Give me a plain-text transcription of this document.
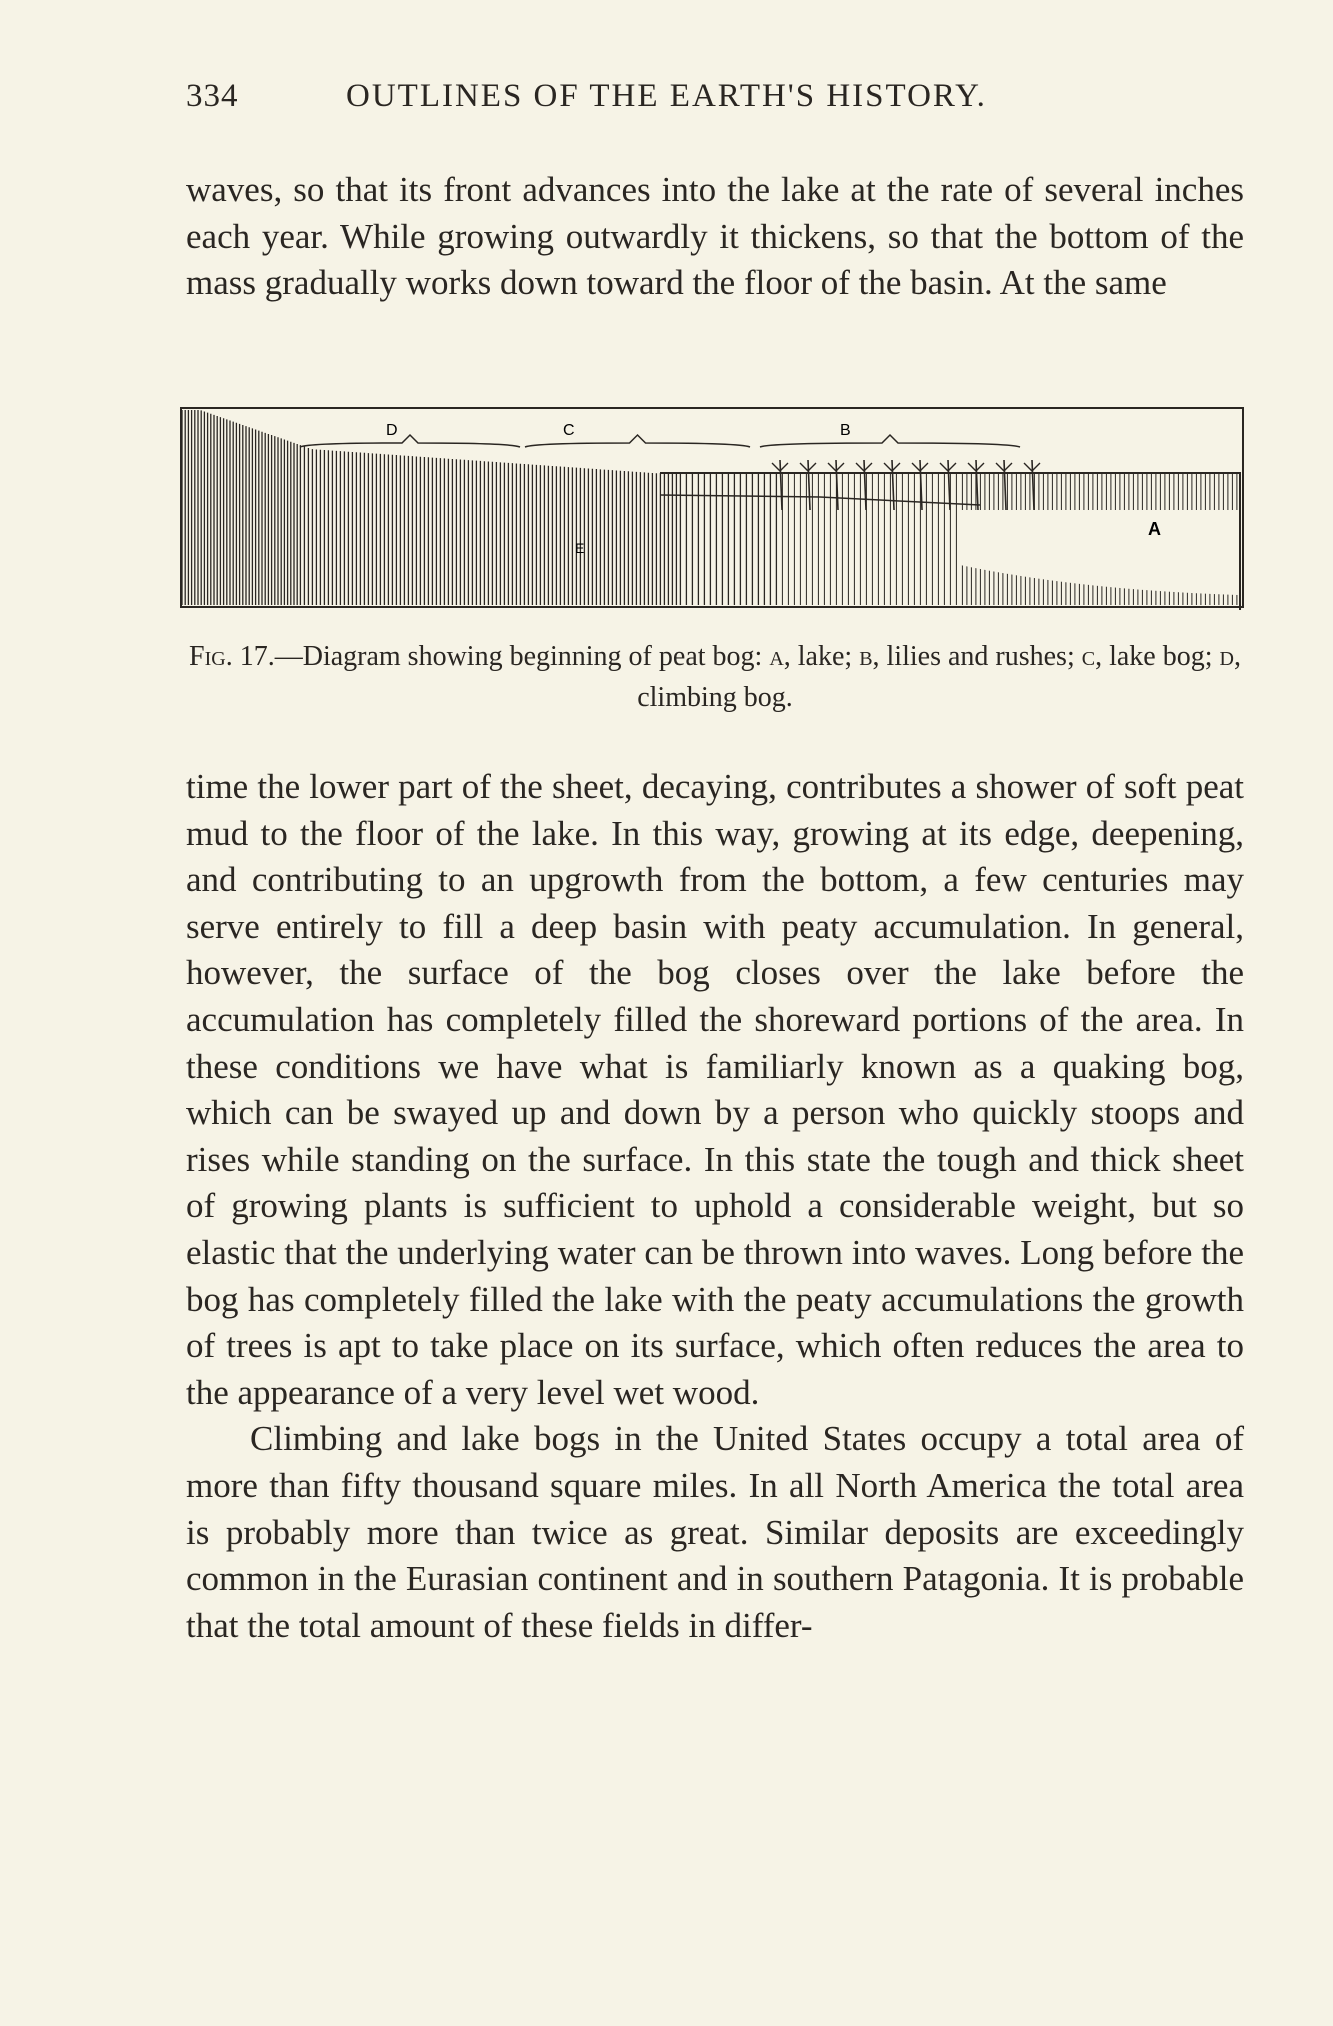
334	OUTLINES OF THE EARTH'S HISTORY.

waves, so that its front advances into the lake at the rate of several inches each year. While growing outwardly it thickens, so that the bottom of the mass gradually works down toward the floor of the basin. At the same

D	C	B
A
E
Fig. 17.—Diagram showing beginning of peat bog: a, lake; b, lilies and rushes; c, lake bog; d, climbing bog.

time the lower part of the sheet, decaying, contributes a shower of soft peat mud to the floor of the lake. In this way, growing at its edge, deepening, and contributing to an upgrowth from the bottom, a few centuries may serve entirely to fill a deep basin with peaty accumulation. In general, however, the surface of the bog closes over the lake before the accumulation has completely filled the shoreward portions of the area. In these conditions we have what is familiarly known as a quaking bog, which can be swayed up and down by a person who quickly stoops and rises while standing on the surface. In this state the tough and thick sheet of growing plants is sufficient to uphold a considerable weight, but so elastic that the underlying water can be thrown into waves. Long before the bog has completely filled the lake with the peaty accumulations the growth of trees is apt to take place on its surface, which often reduces the area to the appearance of a very level wet wood.

Climbing and lake bogs in the United States occupy a total area of more than fifty thousand square miles. In all North America the total area is probably more than twice as great. Similar deposits are exceedingly common in the Eurasian continent and in southern Patagonia. It is probable that the total amount of these fields in differ-
